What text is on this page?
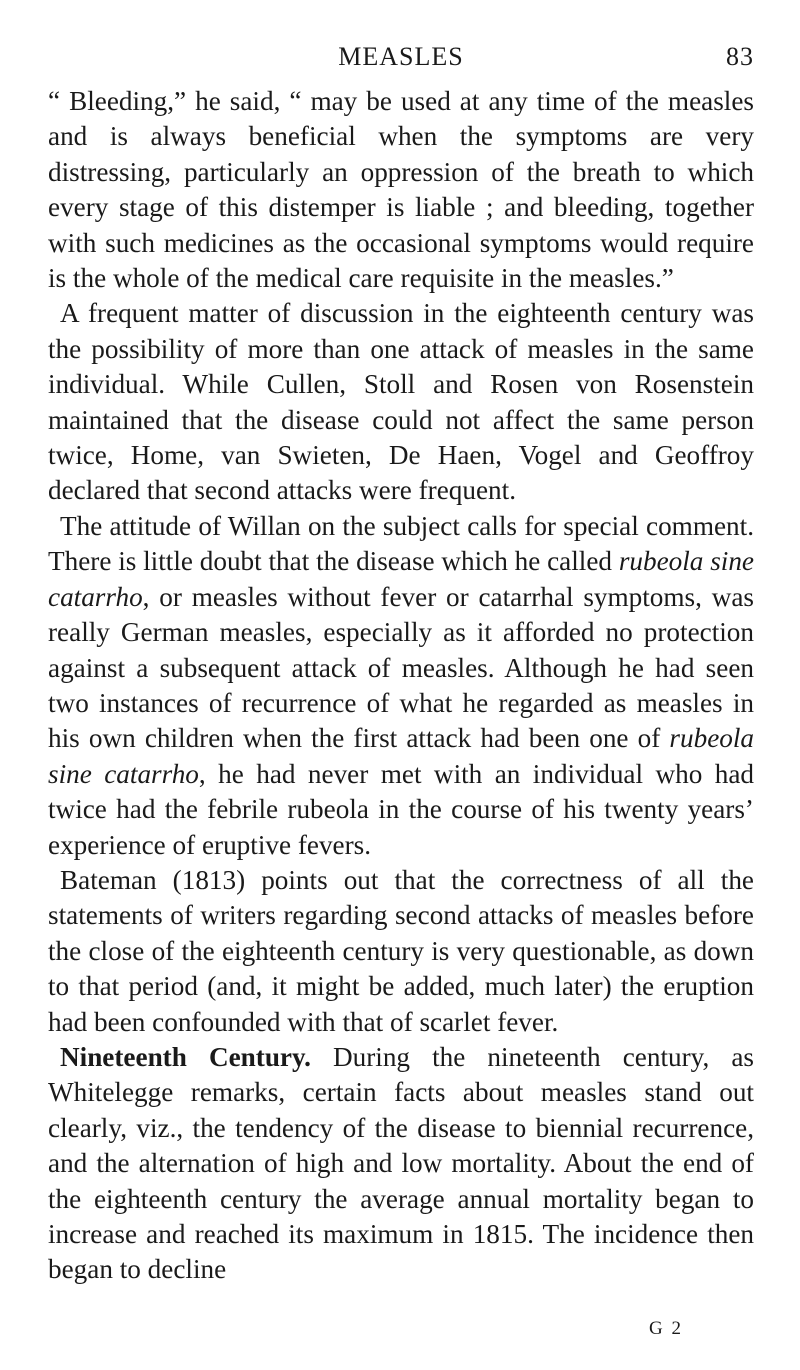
MEASLES	83

“ Bleeding,” he said, “ may be used at any time of the measles and is always beneficial when the symptoms are very distressing, particularly an oppression of the breath to which every stage of this distemper is liable ; and bleeding, together with such medicines as the occasional symptoms would require is the whole of the medical care requisite in the measles.”

A frequent matter of discussion in the eighteenth century was the possibility of more than one attack of measles in the same individual. While Cullen, Stoll and Rosen von Rosenstein maintained that the disease could not affect the same person twice, Home, van Swieten, De Haen, Vogel and Geoffroy declared that second attacks were frequent.

The attitude of Willan on the subject calls for special comment. There is little doubt that the disease which he called rubeola sine catarrho, or measles without fever or catarrhal symptoms, was really German measles, especially as it afforded no protection against a subsequent attack of measles. Although he had seen two instances of recurrence of what he regarded as measles in his own children when the first attack had been one of rubeola sine catarrho, he had never met with an individual who had twice had the febrile rubeola in the course of his twenty years’ experience of eruptive fevers.

Bateman (1813) points out that the correctness of all the statements of writers regarding second attacks of measles before the close of the eighteenth century is very questionable, as down to that period (and, it might be added, much later) the eruption had been confounded with that of scarlet fever.

Nineteenth Century. During the nineteenth century, as Whitelegge remarks, certain facts about measles stand out clearly, viz., the tendency of the disease to biennial recurrence, and the alternation of high and low mortality. About the end of the eighteenth century the average annual mortality began to increase and reached its maximum in 1815. The incidence then began to decline

G 2
